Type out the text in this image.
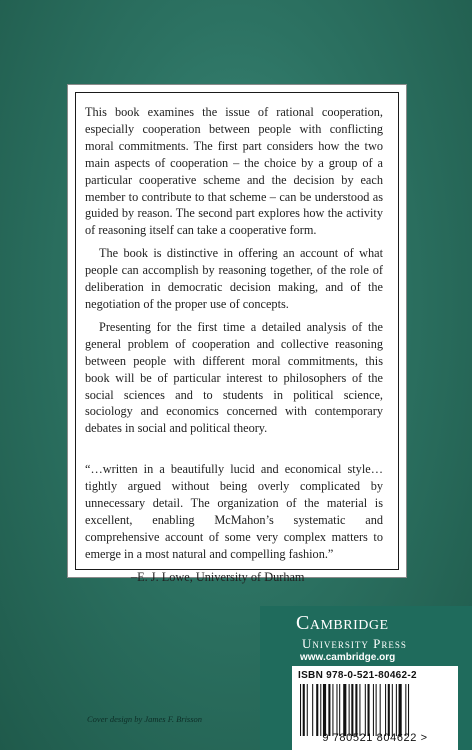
This book examines the issue of rational cooperation, especially cooperation between people with conflicting moral commitments. The first part considers how the two main aspects of cooperation – the choice by a group of a particular cooperative scheme and the decision by each member to contribute to that scheme – can be understood as guided by reason. The second part explores how the activity of reasoning itself can take a cooperative form.

The book is distinctive in offering an account of what people can accomplish by reasoning together, of the role of deliberation in democratic decision making, and of the negotiation of the proper use of concepts.

Presenting for the first time a detailed analysis of the general problem of cooperation and collective reasoning between people with different moral commitments, this book will be of particular interest to philosophers of the social sciences and to students in political science, sociology and economics concerned with contemporary debates in social and political theory.

“…written in a beautifully lucid and economical style…tightly argued without being overly complicated by unnecessary detail. The organization of the material is excellent, enabling McMahon’s systematic and comprehensive account of some very complex matters to emerge in a most natural and compelling fashion.”

–E. J. Lowe, University of Durham
Cambridge
University Press
www.cambridge.org
ISBN 978-0-521-80462-2
9 780521 804622 >
Cover design by James F. Brisson
